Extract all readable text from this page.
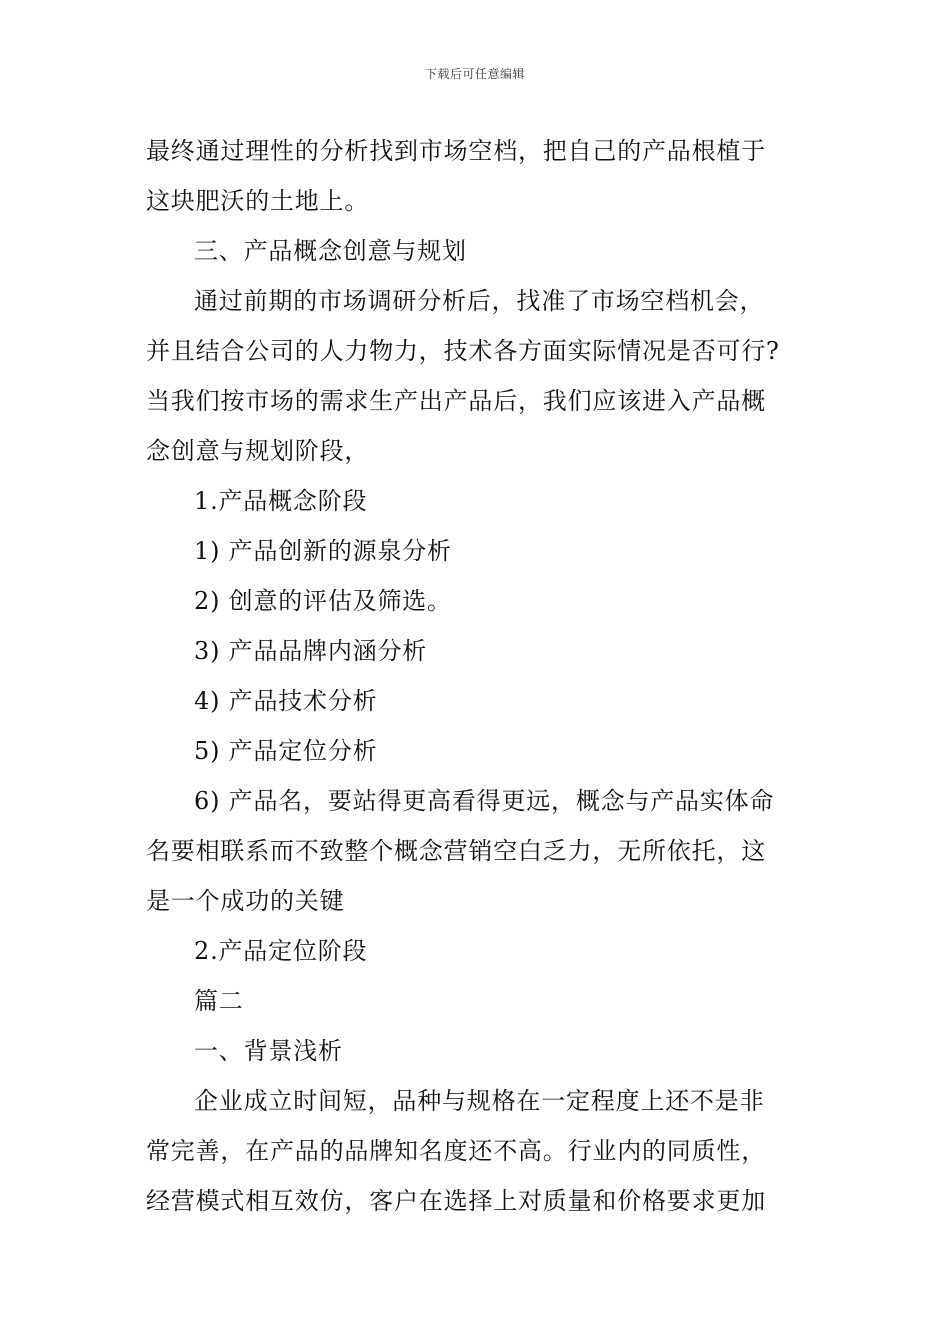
下载后可任意编辑
最终通过理性的分析找到市场空档，把自己的产品根植于
这块肥沃的土地上。
三、产品概念创意与规划
通过前期的市场调研分析后，找准了市场空档机会，
并且结合公司的人力物力，技术各方面实际情况是否可行?
当我们按市场的需求生产出产品后，我们应该进入产品概
念创意与规划阶段，
1.产品概念阶段
1) 产品创新的源泉分析
2) 创意的评估及筛选。
3) 产品品牌内涵分析
4) 产品技术分析
5) 产品定位分析
6) 产品名，要站得更高看得更远，概念与产品实体命
名要相联系而不致整个概念营销空白乏力，无所依托，这
是一个成功的关键
2.产品定位阶段
篇二
一、背景浅析
企业成立时间短，品种与规格在一定程度上还不是非
常完善，在产品的品牌知名度还不高。行业内的同质性，
经营模式相互效仿，客户在选择上对质量和价格要求更加
